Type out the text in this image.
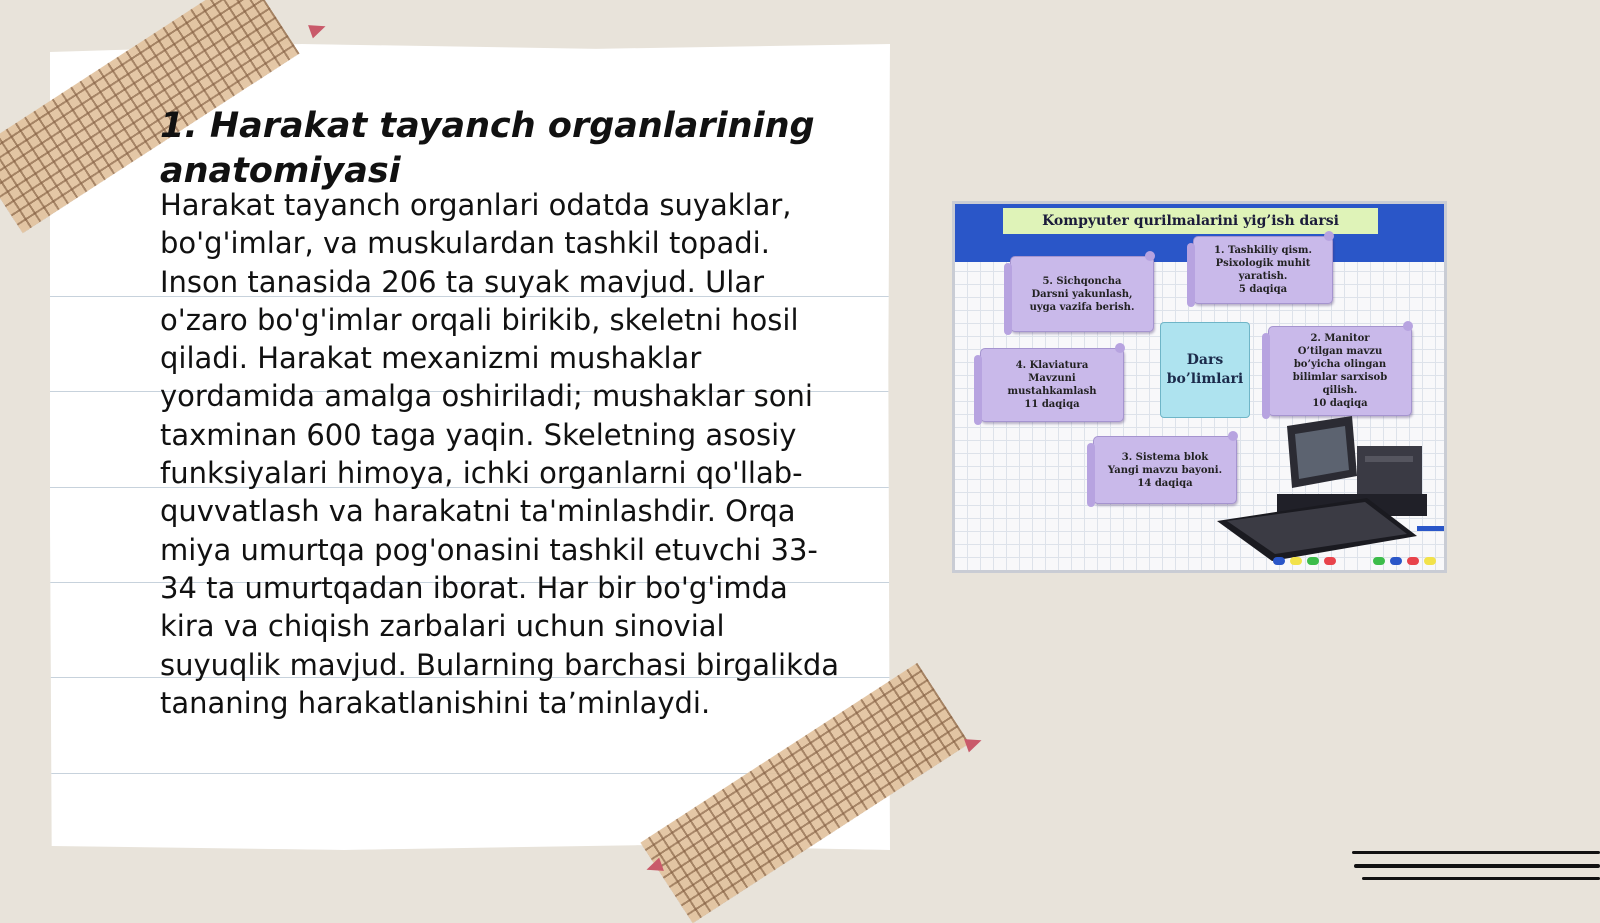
1. Harakat tayanch organlarining anatomiyasi
Harakat tayanch organlari odatda suyaklar, bo'g'imlar, va muskulardan tashkil topadi. Inson tanasida 206 ta suyak mavjud. Ular o'zaro bo'g'imlar orqali birikib, skeletni hosil qiladi. Harakat mexanizmi mushaklar yordamida amalga oshiriladi; mushaklar soni taxminan 600 taga yaqin. Skeletning asosiy funksiyalari himoya, ichki organlarni qo'llab-quvvatlash va harakatni ta'minlashdir. Orqa miya umurtqa pog'onasini tashkil etuvchi 33-34 ta umurtqadan iborat. Har bir bo'g'imda kira va chiqish zarbalari uchun sinovial suyuqlik mavjud. Bularning barchasi birgalikda tananing harakatlanishini ta’minlaydi.
Kompyuter qurilmalarini yig’ish darsi
1. Tashkiliy qism.
Psixologik muhit
yaratish.
5 daqiqa
2. Manitor
O’tilgan mavzu
bo’yicha olingan
bilimlar sarxisob
qilish.
10 daqiqa
3. Sistema blok
Yangi mavzu bayoni.
14 daqiqa
4. Klaviatura
Mavzuni
mustahkamlash
11 daqiqa
5. Sichqoncha
Darsni yakunlash,
uyga vazifa berish.
Dars
bo’limlari
